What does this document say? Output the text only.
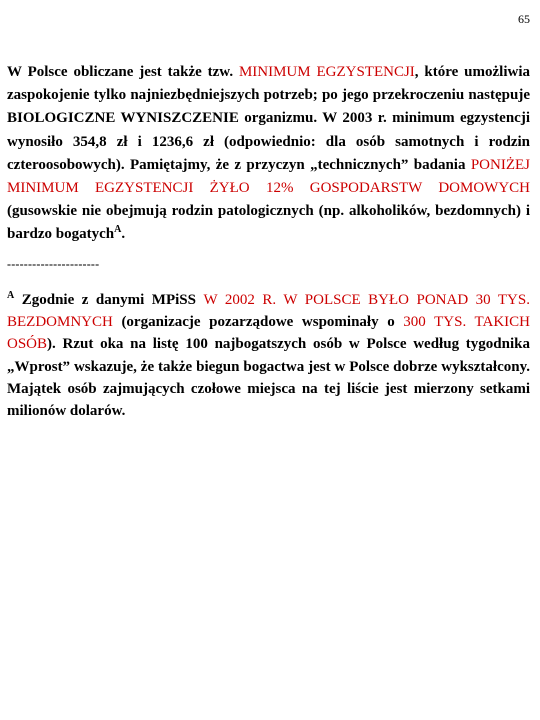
65

W Polsce obliczane jest także tzw. MINIMUM EGZYSTENCJI, które umożliwia zaspokojenie tylko najniezbędniejszych potrzeb; po jego przekroczeniu następuje BIOLOGICZNE WYNISZCZENIE organizmu. W 2003 r. minimum egzystencji wynosiło 354,8 zł i 1236,6 zł (odpowiednio: dla osób samotnych i rodzin czteroosobowych). Pamiętajmy, że z przyczyn „technicznych” badania PONIŻEJ MINIMUM EGZYSTENCJI ŻYŁO 12% GOSPODARSTW DOMOWYCH (gusowskie nie obejmują rodzin patologicznych (np. alkoholików, bezdomnych) i bardzo bogatych$^A$.

----------------------

$^A$ Zgodnie z danymi MPiSS W 2002 R. W POLSCE BYŁO PONAD 30 TYS. BEZDOMNYCH (organizacje pozarządowe wspominały o 300 TYS. TAKICH OSÓB). Rzut oka na listę 100 najbogatszych osób w Polsce według tygodnika „Wprost” wskazuje, że także biegun bogactwa jest w Polsce dobrze wykształcony. Majątek osób zajmujących czołowe miejsca na tej liście jest mierzony setkami milionów dolarów.
